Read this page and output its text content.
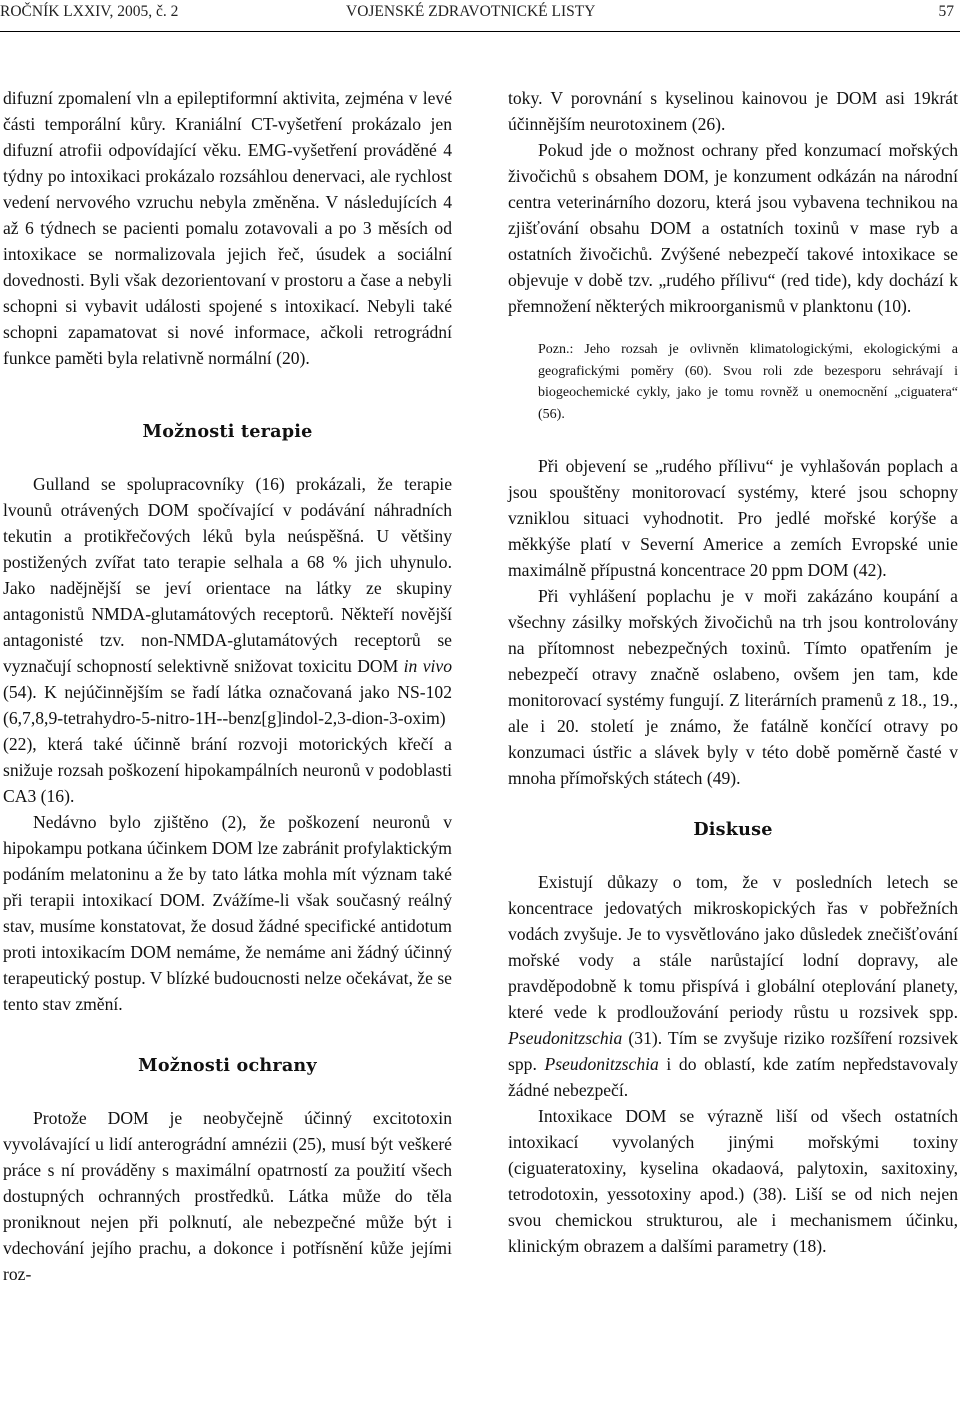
ROČNÍK LXXIV, 2005, č. 2	VOJENSKÉ ZDRAVOTNICKÉ LISTY	57

difuzní zpomalení vln a epileptiformní aktivita, zejména v levé části temporální kůry. Kraniální CT-vyšetření prokázalo jen difuzní atrofii odpovídající věku. EMG-vyšetření prováděné 4 týdny po intoxikaci prokázalo rozsáhlou denervaci, ale rychlost vedení nervového vzruchu nebyla změněna. V následujících 4 až 6 týdnech se pacienti pomalu zotavovali a po 3 měsích od intoxikace se normalizovala jejich řeč, úsudek a sociální dovednosti. Byli však dezorientovaní v prostoru a čase a nebyli schopni si vybavit události spojené s intoxikací. Nebyli také schopni zapamatovat si nové informace, ačkoli retrográdní funkce paměti byla relativně normální (20).

Možnosti terapie

Gulland se spolupracovníky (16) prokázali, že terapie lvounů otrávených DOM spočívající v podávání náhradních tekutin a protikřečových léků byla neúspěšná. U většiny postižených zvířat tato terapie selhala a 68 % jich uhynulo. Jako nadějnější se jeví orientace na látky ze skupiny antagonistů NMDA-glutamátových receptorů. Někteří novější antagonisté tzv. non-NMDA-glutamátových receptorů se vyznačují schopností selektivně snižovat toxicitu DOM in vivo (54). K nejúčinnějším se řadí látka označovaná jako NS-102 (6,7,8,9-tetrahydro-5-nitro-1H--benz[g]indol-2,3-dion-3-oxim) (22), která také účinně brání rozvoji motorických křečí a snižuje rozsah poškození hipokampálních neuronů v podoblasti CA3 (16).

Nedávno bylo zjištěno (2), že poškození neuronů v hipokampu potkana účinkem DOM lze zabránit profylaktickým podáním melatoninu a že by tato látka mohla mít význam také při terapii intoxikací DOM. Zvážíme-li však současný reálný stav, musíme konstatovat, že dosud žádné specifické antidotum proti intoxikacím DOM nemáme, že nemáme ani žádný účinný terapeutický postup. V blízké budoucnosti nelze očekávat, že se tento stav změní.

Možnosti ochrany

Protože DOM je neobyčejně účinný excitotoxin vyvolávající u lidí anterográdní amnézii (25), musí být veškeré práce s ní prováděny s maximální opatrností za použití všech dostupných ochranných prostředků. Látka může do těla proniknout nejen při polknutí, ale nebezpečné může být i vdechování jejího prachu, a dokonce i potřísnění kůže jejími roz-

toky. V porovnání s kyselinou kainovou je DOM asi 19krát účinnějším neurotoxinem (26).

Pokud jde o možnost ochrany před konzumací mořských živočichů s obsahem DOM, je konzument odkázán na národní centra veterinárního dozoru, která jsou vybavena technikou na zjišťování obsahu DOM a ostatních toxinů v mase ryb a ostatních živočichů. Zvýšené nebezpečí takové intoxikace se objevuje v době tzv. „rudého přílivu“ (red tide), kdy dochází k přemnožení některých mikroorganismů v planktonu (10).

Pozn.: Jeho rozsah je ovlivněn klimatologickými, ekologickými a geografickými poměry (60). Svou roli zde bezesporu sehrávají i biogeochemické cykly, jako je tomu rovněž u onemocnění „ciguatera“ (56).

Při objevení se „rudého přílivu“ je vyhlašován poplach a jsou spouštěny monitorovací systémy, které jsou schopny vzniklou situaci vyhodnotit. Pro jedlé mořské korýše a měkkýše platí v Severní Americe a zemích Evropské unie maximálně přípustná koncentrace 20 ppm DOM (42).

Při vyhlášení poplachu je v moři zakázáno koupání a všechny zásilky mořských živočichů na trh jsou kontrolovány na přítomnost nebezpečných toxinů. Tímto opatřením je nebezpečí otravy značně oslabeno, ovšem jen tam, kde monitorovací systémy fungují. Z literárních pramenů z 18., 19., ale i 20. století je známo, že fatálně končící otravy po konzumaci ústřic a slávek byly v této době poměrně časté v mnoha přímořských státech (49).

Diskuse

Existují důkazy o tom, že v posledních letech se koncentrace jedovatých mikroskopických řas v pobřežních vodách zvyšuje. Je to vysvětlováno jako důsledek znečišťování mořské vody a stále narůstající lodní dopravy, ale pravděpodobně k tomu přispívá i globální oteplování planety, které vede k prodloužování periody růstu u rozsivek spp. Pseudonitzschia (31). Tím se zvyšuje riziko rozšíření rozsivek spp. Pseudonitzschia i do oblastí, kde zatím nepředstavovaly žádné nebezpečí.

Intoxikace DOM se výrazně liší od všech ostatních intoxikací vyvolaných jinými mořskými toxiny (ciguateratoxiny, kyselina okadaová, palytoxin, saxitoxiny, tetrodotoxin, yessotoxiny apod.) (38). Liší se od nich nejen svou chemickou strukturou, ale i mechanismem účinku, klinickým obrazem a dalšími parametry (18).
